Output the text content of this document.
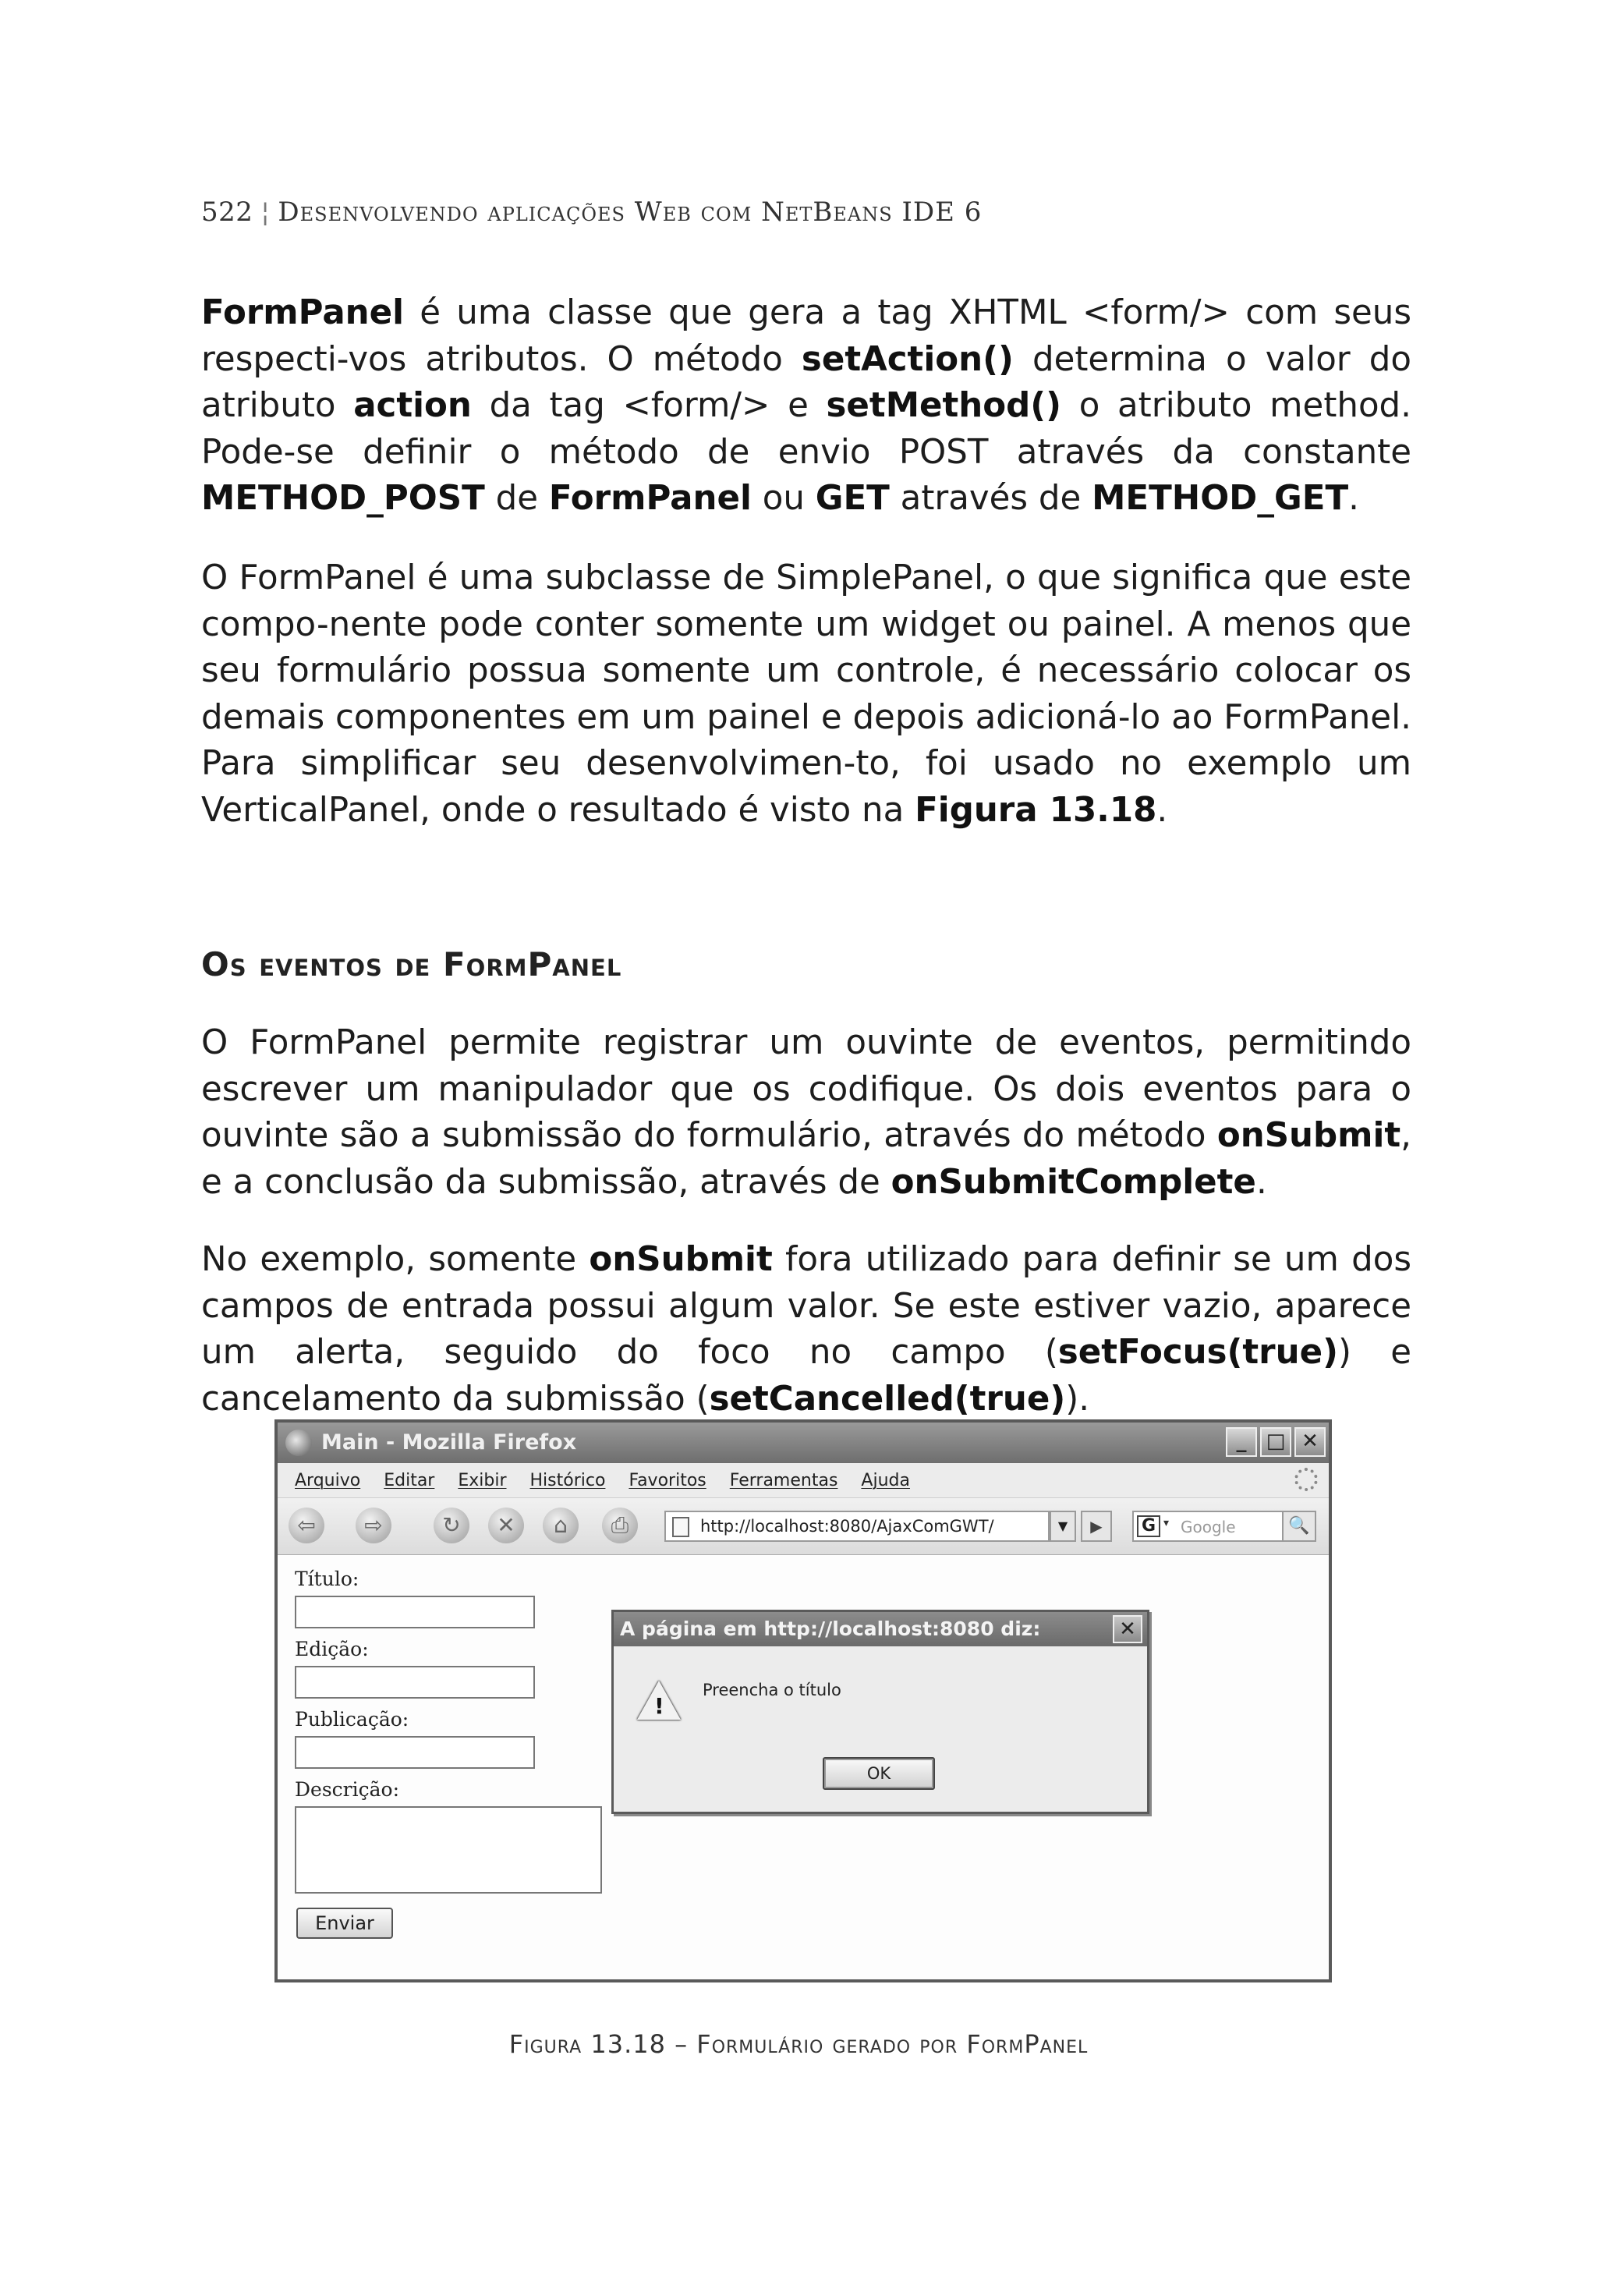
522 ¦ Desenvolvendo aplicações Web com NetBeans IDE 6
FormPanel é uma classe que gera a tag XHTML <form/> com seus respecti-vos atributos. O método setAction() determina o valor do atributo action da tag <form/> e setMethod() o atributo method. Pode-se definir o método de envio POST através da constante METHOD_POST de FormPanel ou GET através de METHOD_GET.
O FormPanel é uma subclasse de SimplePanel, o que significa que este compo-nente pode conter somente um widget ou painel. A menos que seu formulário possua somente um controle, é necessário colocar os demais componentes em um painel e depois adicioná-lo ao FormPanel. Para simplificar seu desenvolvimen-to, foi usado no exemplo um VerticalPanel, onde o resultado é visto na Figura 13.18.
Os eventos de FormPanel
O FormPanel permite registrar um ouvinte de eventos, permitindo escrever um manipulador que os codifique. Os dois eventos para o ouvinte são a submissão do formulário, através do método onSubmit, e a conclusão da submissão, através de onSubmitComplete.
No exemplo, somente onSubmit fora utilizado para definir se um dos campos de entrada possui algum valor. Se este estiver vazio, aparece um alerta, seguido do foco no campo (setFocus(true)) e cancelamento da submissão (setCancelled(true)).
Main - Mozilla Firefox	_ □ ✕
Arquivo Editar Exibir Histórico Favoritos Ferramentas Ajuda
⇦	⇨	↻	✕	⌂	⎙	http://localhost:8080/AjaxComGWT/	▼	▶	G ▾ Google	🔍
Título:
Edição:
Publicação:
Descrição:
Enviar
A página em http://localhost:8080 diz:	✕
!
Preencha o título
OK
Figura 13.18 – Formulário gerado por FormPanel
